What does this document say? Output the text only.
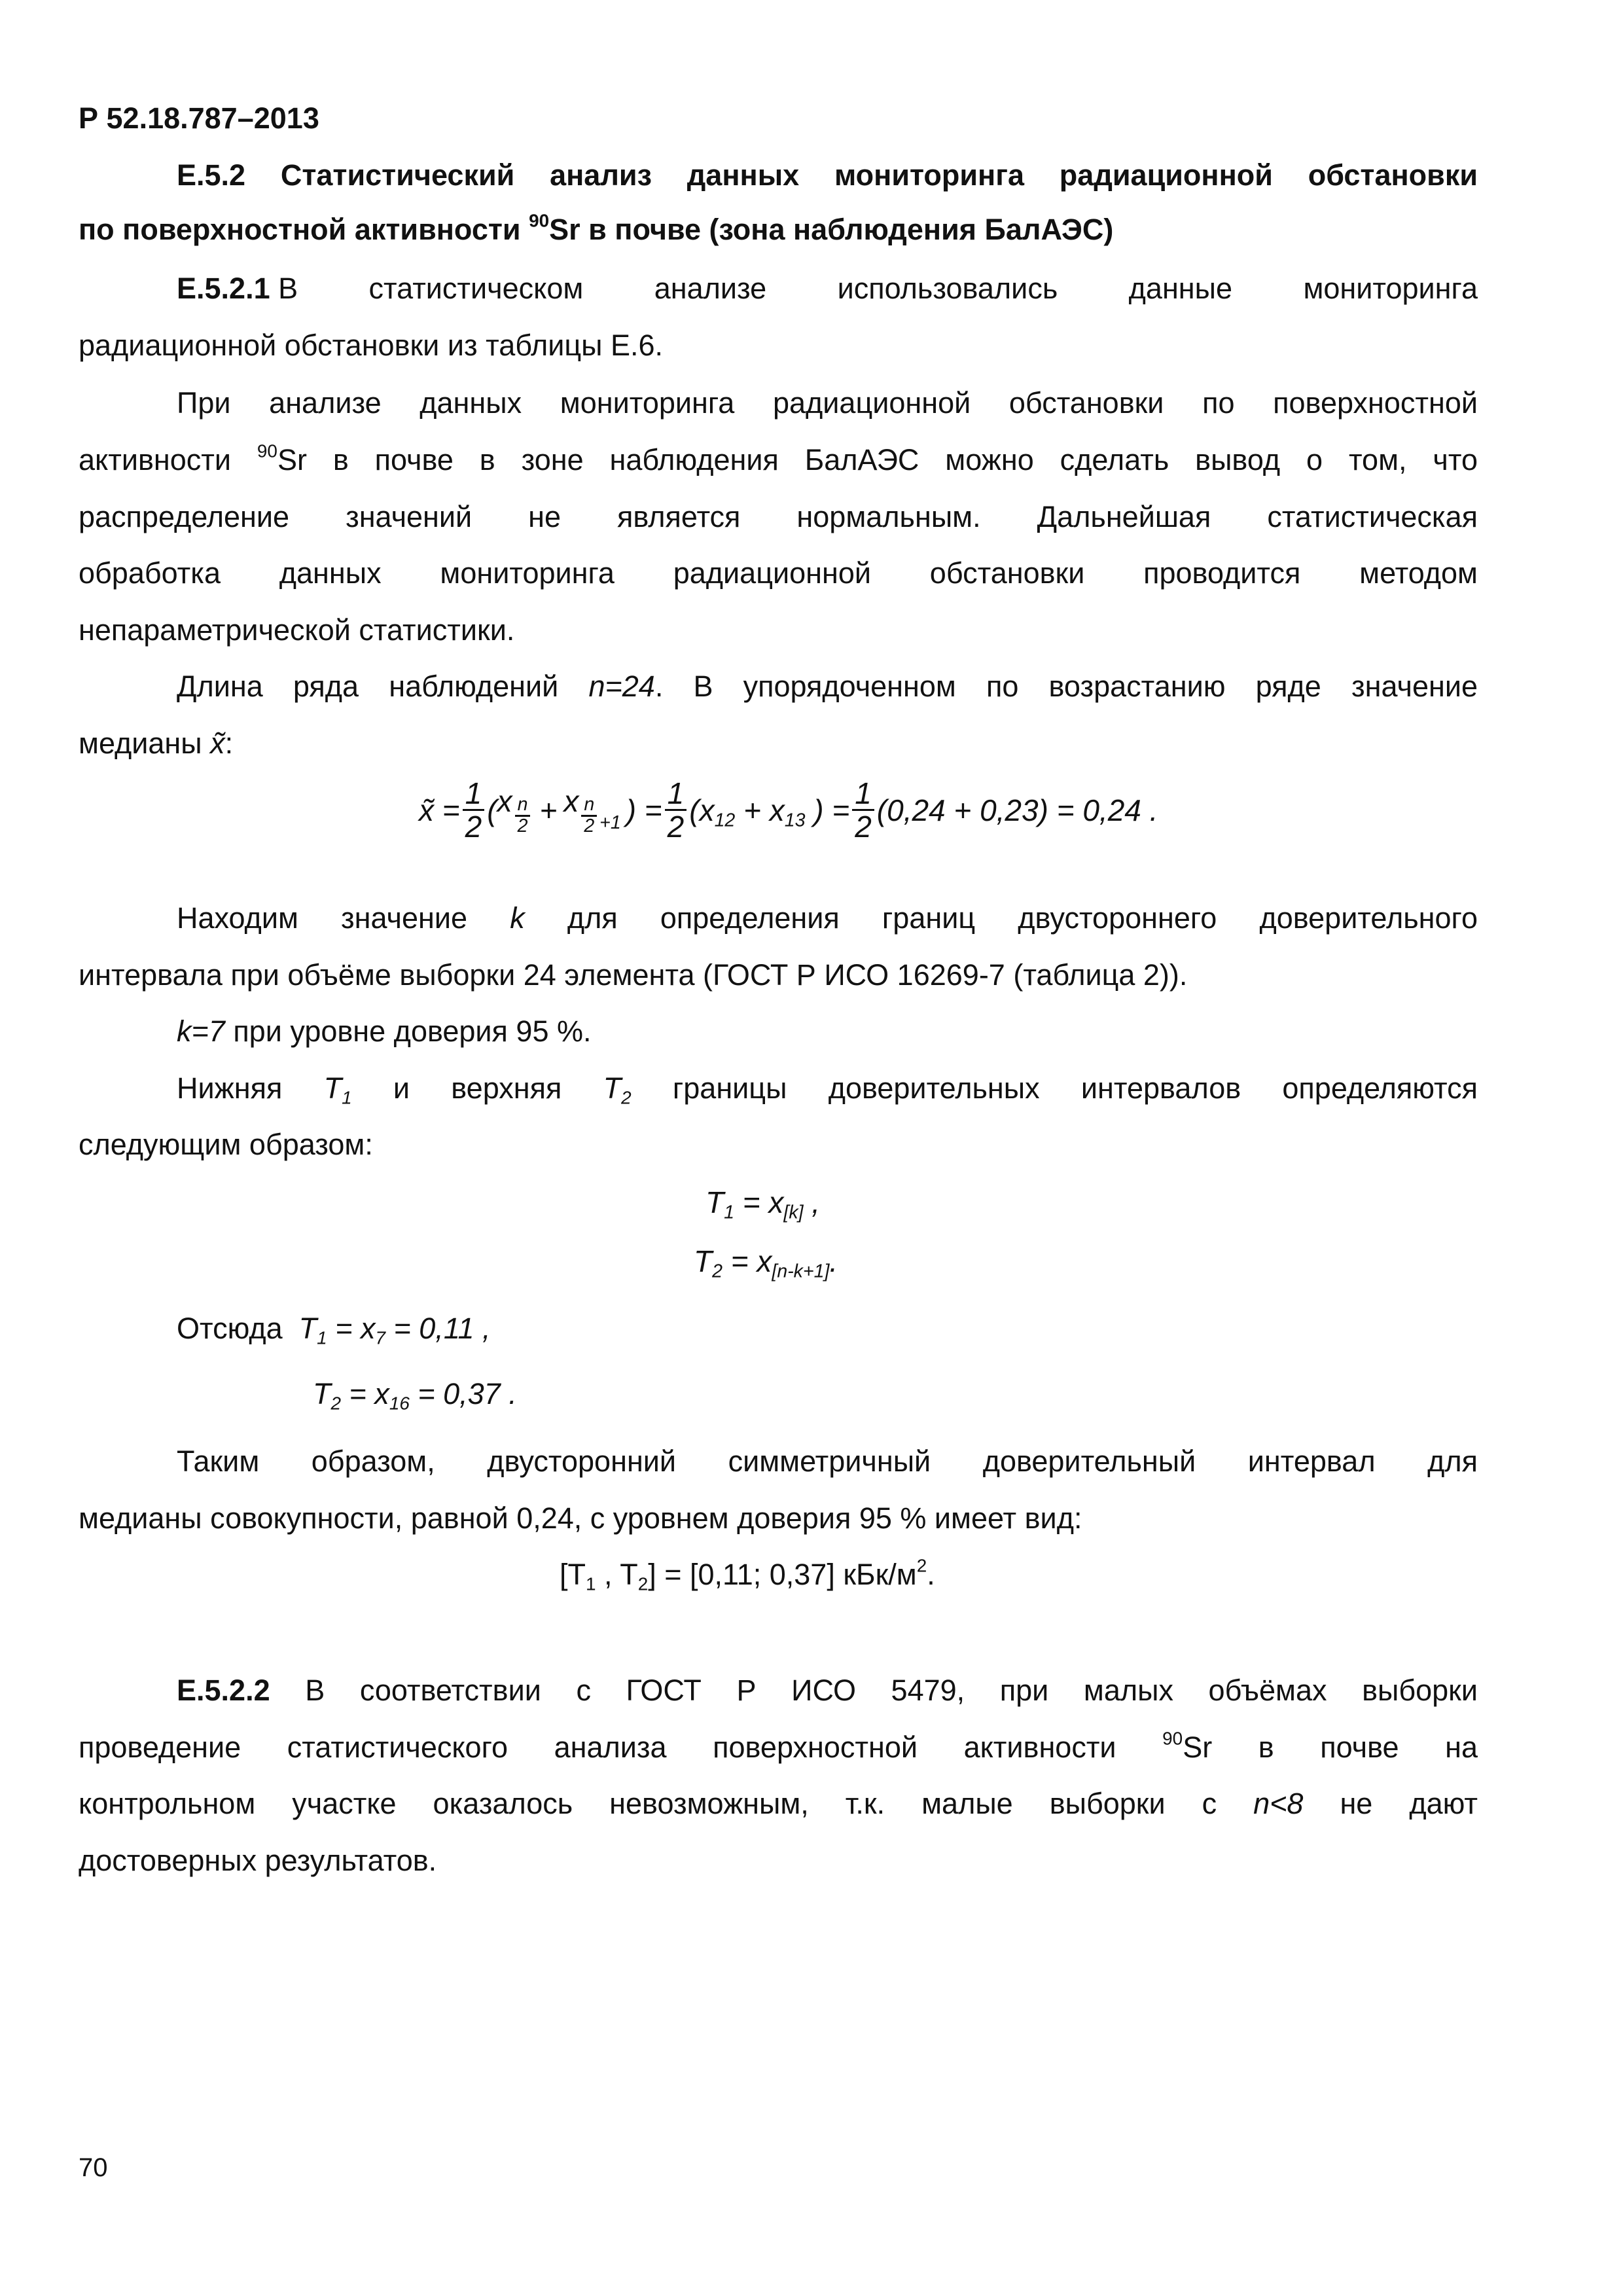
Р 52.18.787–2013
Е.5.2 Статистический анализ данных мониторинга радиационной обстановки
по поверхностной активности $^{90}$Sr в почве (зона наблюдения БалАЭС)
Е.5.2.1 В статистическом анализе использовались данные мониторинга
радиационной обстановки из таблицы Е.6.
При анализе данных мониторинга радиационной обстановки по поверхностной
активности $^{90}$Sr в почве в зоне наблюдения БалАЭС можно сделать вывод о том, что
распределение значений не является нормальным. Дальнейшая статистическая
обработка данных мониторинга радиационной обстановки проводится методом
непараметрической статистики.
Длина ряда наблюдений n=24. В упорядоченном по возрастанию ряде значение
медианы x̃:
x̃ = $\frac{1}{2}$ ( x $\frac{n}{2} + x \frac{n}{2} +1$ ) = $\frac{1}{2} (x_{12} + x_{13}$ ) = $\frac{1}{2} (0,24 + 0,23) = 0,24$ .
Находим значение k для определения границ двустороннего доверительного
интервала при объёме выборки 24 элемента (ГОСТ Р ИСО 16269-7 (таблица 2)).
k=7 при уровне доверия 95 %.
Нижняя $T_1$ и верхняя $T_2$ границы доверительных интервалов определяются
следующим образом:
$T_1 = x_{[k]}$ ,
$T_2 = x_{[n-k+1]}$.
Отсюда $T_1 = x_7 = 0,11$ ,
$T_2 = x_{16} = 0,37$ .
Таким образом, двусторонний симметричный доверительный интервал для
медианы совокупности, равной 0,24, с уровнем доверия 95 % имеет вид:
[$T_1$ , $T_2] = [0,11$; 0,37] кБк/$м^2$.
Е.5.2.2 В соответствии с ГОСТ Р ИСО 5479, при малых объёмах выборки
проведение статистического анализа поверхностной активности $^{90}$Sr в почве на
контрольном участке оказалось невозможным, т.к. малые выборки с n<8 не дают
достоверных результатов.
70
